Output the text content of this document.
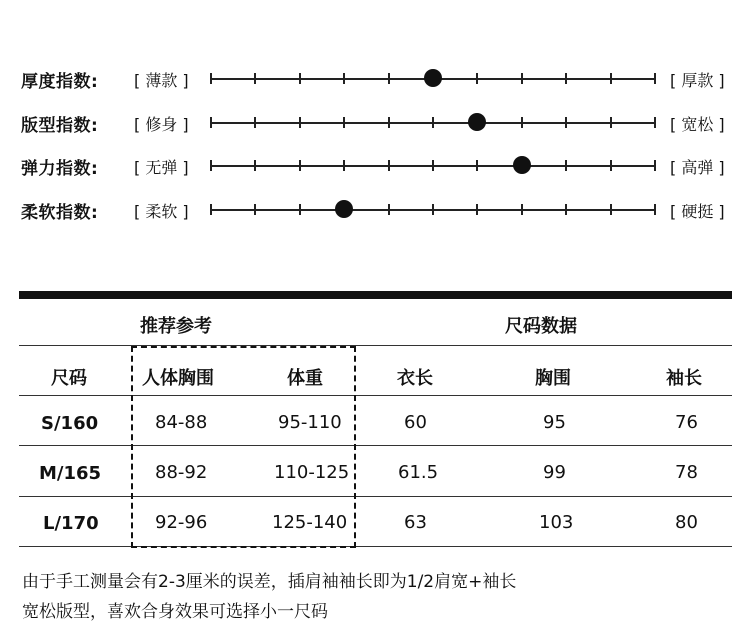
厚度指数: [ 薄款 ]	[ 厚款 ]
版型指数: [ 修身 ]	[ 宽松 ]
弹力指数: [ 无弹 ]	[ 高弹 ]
柔软指数: [ 柔软 ]	[ 硬挺 ]
推荐参考	尺码数据
尺码	人体胸围	体重	衣长	胸围	袖长
S/160	84-88	95-110	60	95	76
M/165	88-92	110-125	61.5	99	78
L/170	92-96	125-140	63	103	80
由于手工测量会有2-3厘米的误差，插肩袖袖长即为1/2肩宽+袖长
宽松版型，喜欢合身效果可选择小一尺码
